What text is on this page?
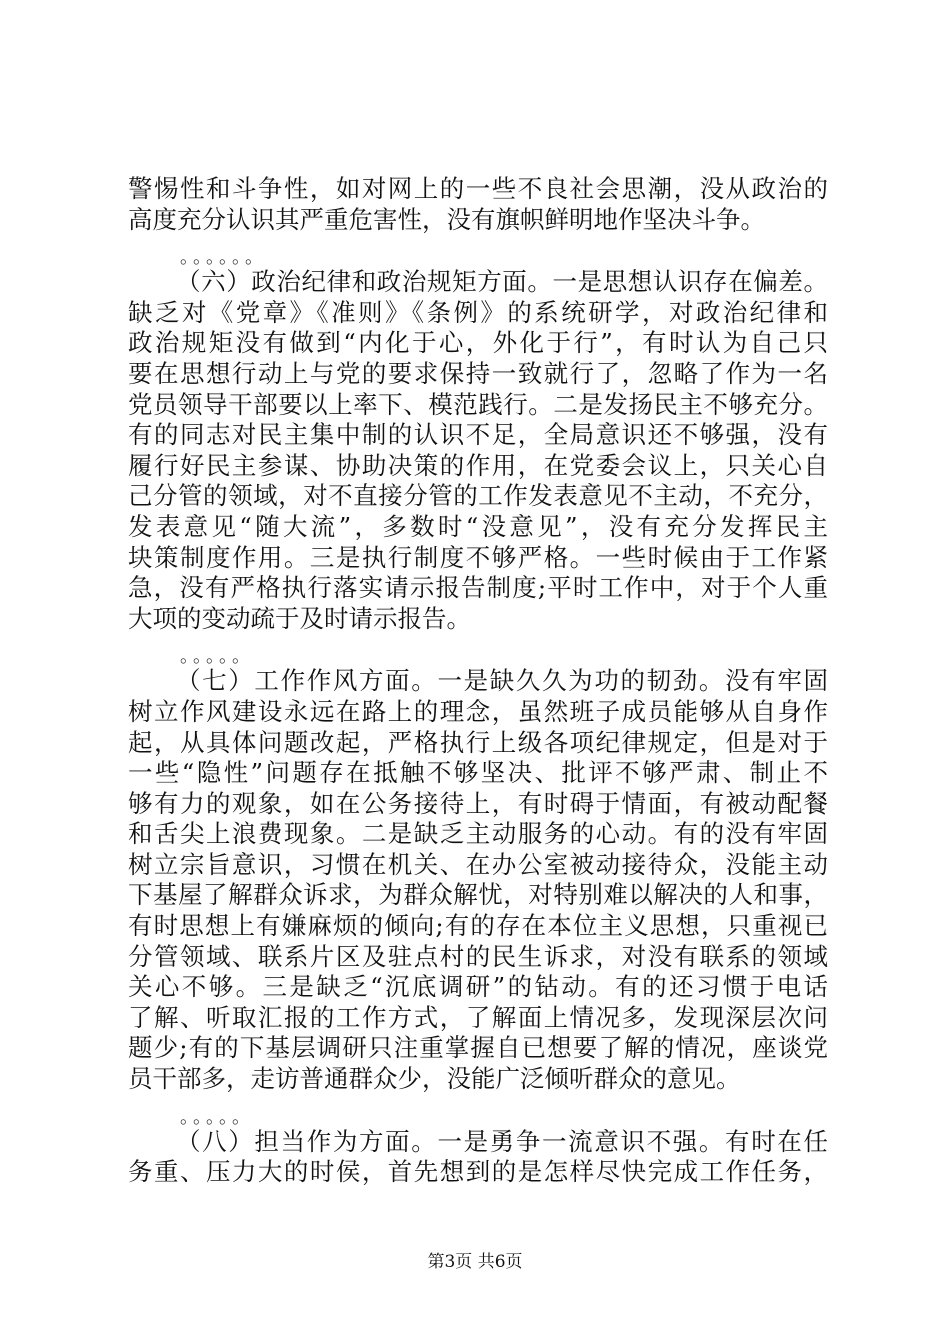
警惕性和斗争性，如对网上的一些不良社会思潮，没从政治的
高度充分认识其严重危害性，没有旗帜鲜明地作坚决斗争。
。。。。。。
（六）政治纪律和政治规矩方面。一是思想认识存在偏差。
缺乏对《党章》《准则》《条例》的系统研学，对政治纪律和
政治规矩没有做到“内化于心，外化于行”，有时认为自己只
要在思想行动上与党的要求保持一致就行了，忽略了作为一名
党员领导干部要以上率下、模范践行。二是发扬民主不够充分。
有的同志对民主集中制的认识不足，全局意识还不够强，没有
履行好民主参谋、协助决策的作用，在党委会议上，只关心自
己分管的领域，对不直接分管的工作发表意见不主动，不充分，
发表意见“随大流”，多数时“没意见”，没有充分发挥民主
块策制度作用。三是执行制度不够严格。一些时候由于工作紧
急，没有严格执行落实请示报告制度;平时工作中，对于个人重
大项的变动疏于及时请示报告。
。。。。。
（七）工作作风方面。一是缺久久为功的韧劲。没有牢固
树立作风建设永远在路上的理念，虽然班子成员能够从自身作
起，从具体问题改起，严格执行上级各项纪律规定，但是对于
一些“隐性”问题存在抵触不够坚决、批评不够严肃、制止不
够有力的观象，如在公务接待上，有时碍于情面，有被动配餐
和舌尖上浪费现象。二是缺乏主动服务的心动。有的没有牢固
树立宗旨意识，习惯在机关、在办公室被动接待众，没能主动
下基屋了解群众诉求，为群众解忧，对特别难以解决的人和事，
有时思想上有嫌麻烦的倾向;有的存在本位主义思想，只重视已
分管领域、联系片区及驻点村的民生诉求，对没有联系的领域
关心不够。三是缺乏“沉底调研”的钻动。有的还习惯于电话
了解、听取汇报的工作方式，了解面上情况多，发现深层次问
题少;有的下基层调研只注重掌握自已想要了解的情况，座谈党
员干部多，走访普通群众少，没能广泛倾听群众的意见。
。。。。。
（八）担当作为方面。一是勇争一流意识不强。有时在任
务重、压力大的时侯，首先想到的是怎样尽快完成工作任务，
第3页 共6页
